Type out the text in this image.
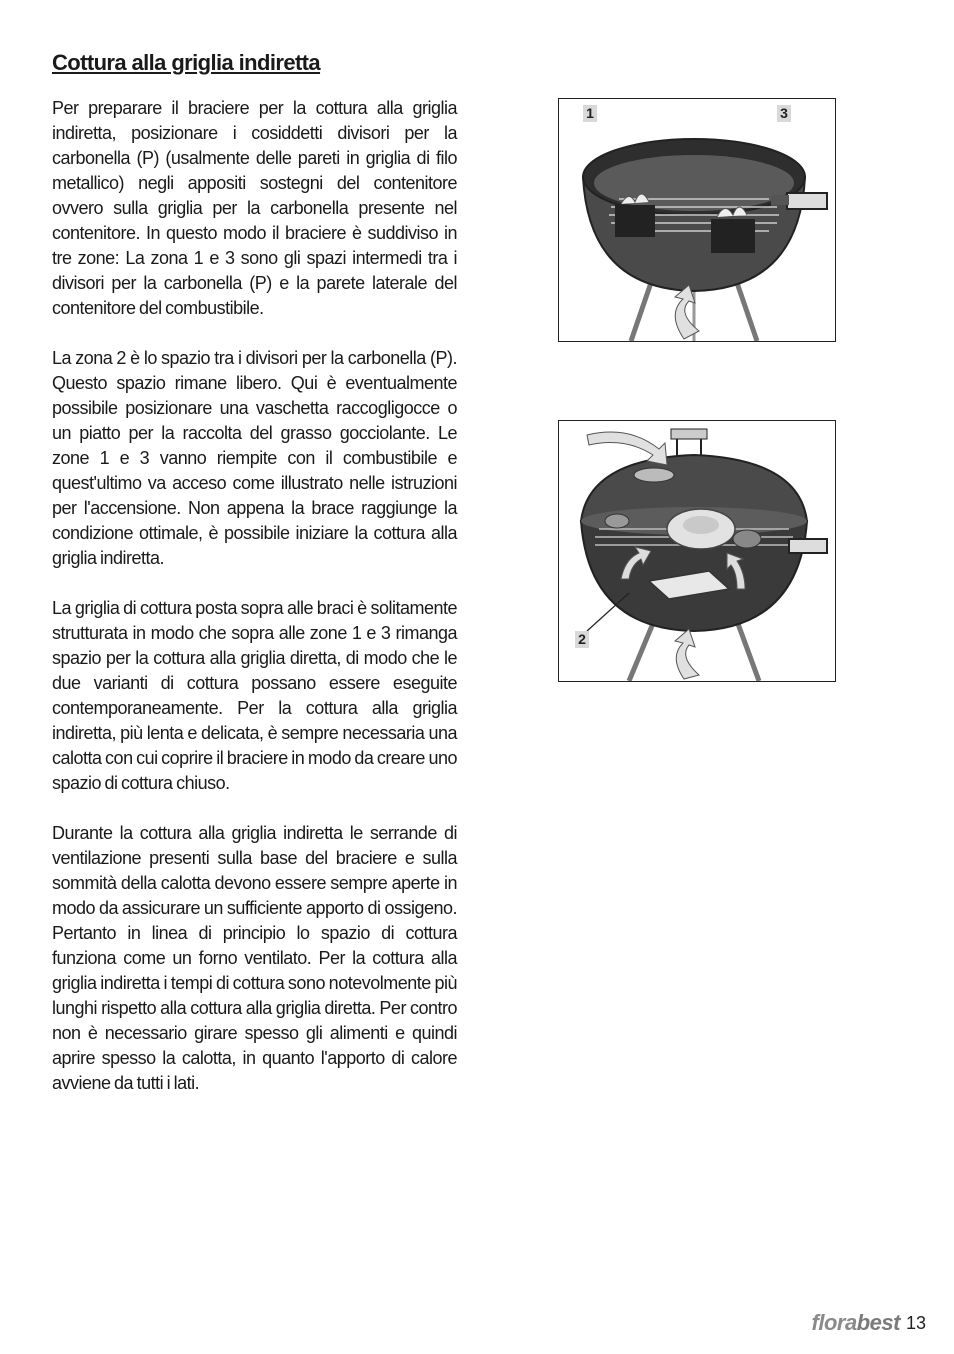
Cottura alla griglia indiretta

Per preparare il braciere per la cottura alla griglia indiretta, posizionare i cosiddetti divisori per la carbonella (P) (usalmente delle pareti in griglia di filo metallico) negli appositi sostegni del contenitore ovvero sulla griglia per la carbonella presente nel contenitore. In questo modo il braciere è suddiviso in tre zone: La zona 1 e 3 sono gli spazi intermedi tra i divisori per la carbonella (P) e la parete laterale del contenitore del combustibile.

La zona 2 è lo spazio tra i divisori per la carbonella (P). Questo spazio rimane libero. Qui è eventualmente possibile posizionare una vaschetta raccogligocce o un piatto per la raccolta del grasso gocciolante. Le zone 1 e 3 vanno riempite con il combustibile e quest'ultimo va acceso come illustrato nelle istruzioni per l'accensione. Non appena la brace raggiunge la condizione ottimale, è possibile iniziare la cottura alla griglia indiretta.

La griglia di cottura posta sopra alle braci è solitamente strutturata in modo che sopra alle zone 1 e 3 rimanga spazio per la cottura alla griglia diretta, di modo che le due varianti di cottura possano essere eseguite contemporaneamente. Per la cottura alla griglia indiretta, più lenta e delicata, è sempre necessaria una calotta con cui coprire il braciere in modo da creare uno spazio di cottura chiuso.

Durante la cottura alla griglia indiretta le serrande di ventilazione presenti sulla base del braciere e sulla sommità della calotta devono essere sempre aperte in modo da assicurare un sufficiente apporto di ossigeno. Pertanto in linea di principio lo spazio di cottura funziona come un forno ventilato. Per la cottura alla griglia indiretta i tempi di cottura sono notevolmente più lunghi rispetto alla cottura alla griglia diretta. Per contro non è necessario girare spesso gli alimenti e quindi aprire spesso la calotta, in quanto l'apporto di calore avviene da tutti i lati.

1	3
2
florabest 13
